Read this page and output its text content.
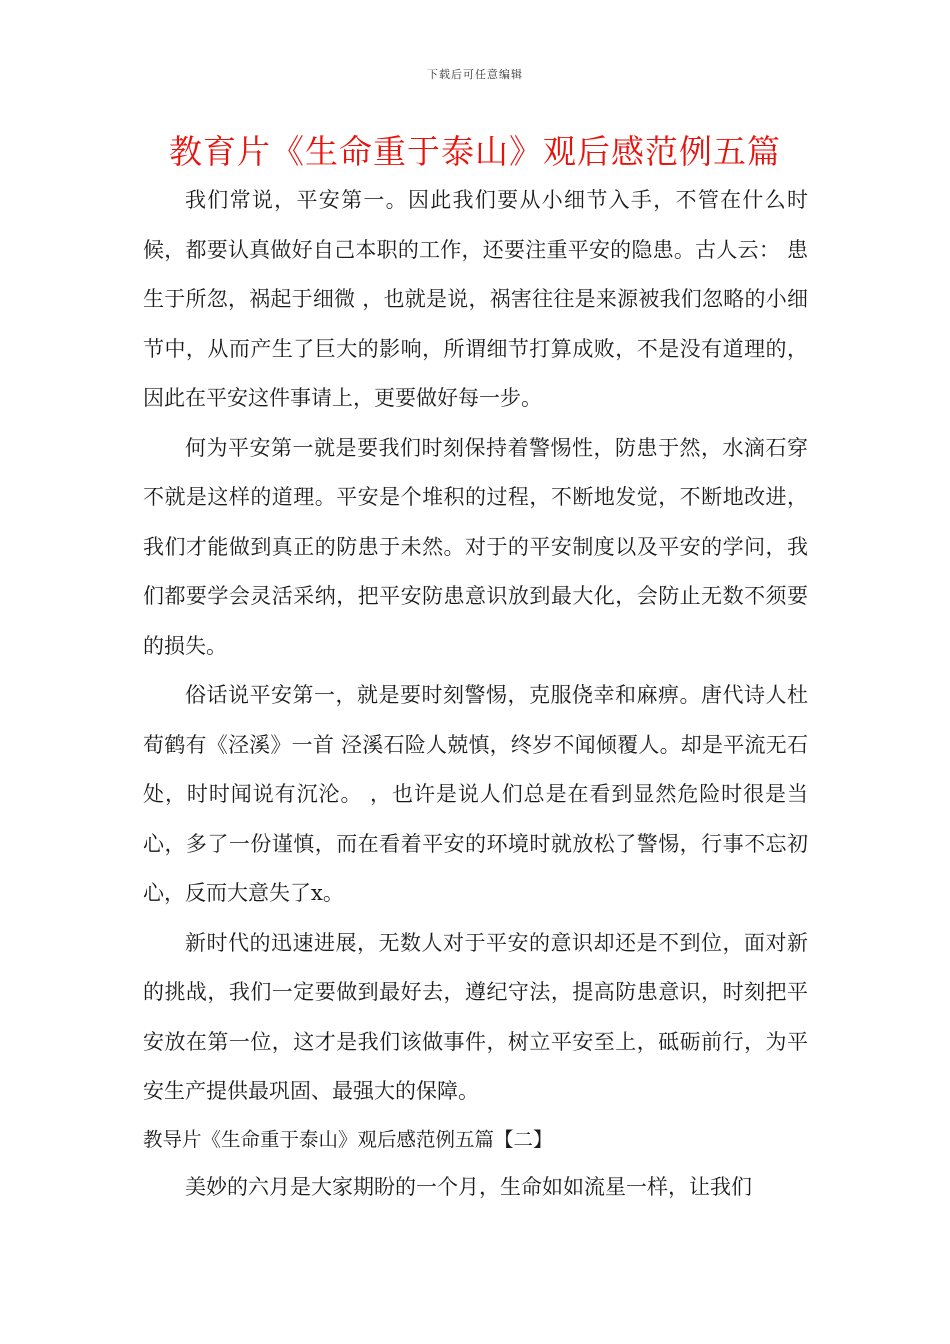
下载后可任意编辑
教育片《生命重于泰山》观后感范例五篇

我们常说，平安第一。因此我们要从小细节入手，不管在什么时候，都要认真做好自己本职的工作，还要注重平安的隐患。古人云： 患生于所忽，祸起于细微 ，也就是说，祸害往往是来源被我们忽略的小细节中，从而产生了巨大的影响，所谓细节打算成败，不是没有道理的，因此在平安这件事请上，更要做好每一步。

何为平安第一就是要我们时刻保持着警惕性，防患于然，水滴石穿不就是这样的道理。平安是个堆积的过程，不断地发觉，不断地改进，我们才能做到真正的防患于未然。对于的平安制度以及平安的学问，我们都要学会灵活采纳，把平安防患意识放到最大化，会防止无数不须要的损失。

俗话说平安第一，就是要时刻警惕，克服侥幸和麻痹。唐代诗人杜荀鹤有《泾溪》一首 泾溪石险人兢慎，终岁不闻倾覆人。却是平流无石处，时时闻说有沉沦。 ，也许是说人们总是在看到显然危险时很是当心，多了一份谨慎，而在看着平安的环境时就放松了警惕，行事不忘初心，反而大意失了x。

新时代的迅速进展，无数人对于平安的意识却还是不到位，面对新的挑战，我们一定要做到最好去，遵纪守法，提高防患意识，时刻把平安放在第一位，这才是我们该做事件，树立平安至上，砥砺前行，为平安生产提供最巩固、最强大的保障。

教导片《生命重于泰山》观后感范例五篇【二】

美妙的六月是大家期盼的一个月，生命如如流星一样，让我们
